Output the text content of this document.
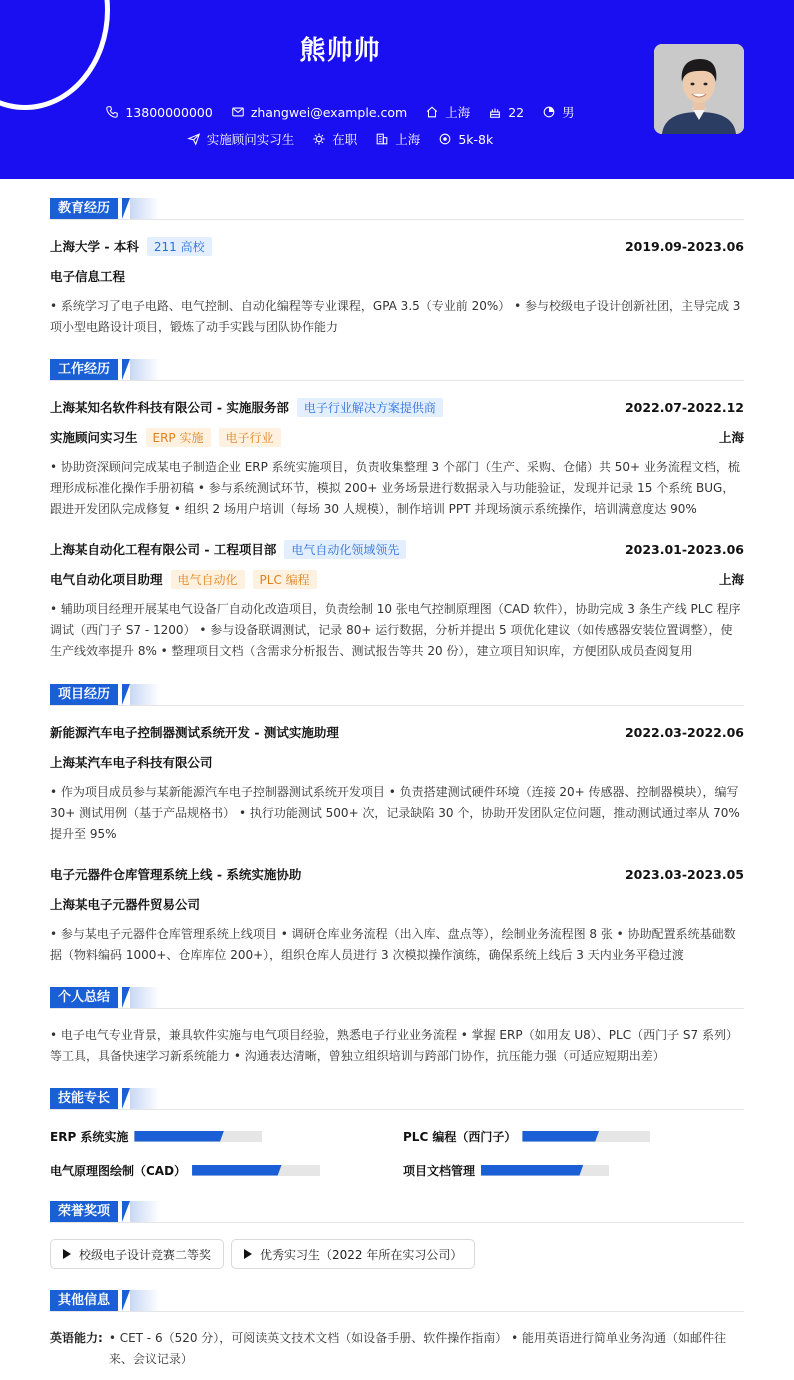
熊帅帅
13800000000	zhangwei@example.com	上海	22	男
实施顾问实习生	在职	上海	5k-8k
教育经历
上海大学 - 本科	211 高校	2019.09-2023.06
电子信息工程
• 系统学习了电子电路、电气控制、自动化编程等专业课程，GPA 3.5（专业前 20%） • 参与校级电子设计创新社团，主导完成 3 项小型电路设计项目，锻炼了动手实践与团队协作能力
工作经历
上海某知名软件科技有限公司 - 实施服务部	电子行业解决方案提供商	2022.07-2022.12
实施顾问实习生	ERP 实施	电子行业	上海
• 协助资深顾问完成某电子制造企业 ERP 系统实施项目，负责收集整理 3 个部门（生产、采购、仓储）共 50+ 业务流程文档，梳理形成标准化操作手册初稿 • 参与系统测试环节，模拟 200+ 业务场景进行数据录入与功能验证，发现并记录 15 个系统 BUG，跟进开发团队完成修复 • 组织 2 场用户培训（每场 30 人规模），制作培训 PPT 并现场演示系统操作，培训满意度达 90%
上海某自动化工程有限公司 - 工程项目部	电气自动化领域领先	2023.01-2023.06
电气自动化项目助理	电气自动化	PLC 编程	上海
• 辅助项目经理开展某电气设备厂自动化改造项目，负责绘制 10 张电气控制原理图（CAD 软件），协助完成 3 条生产线 PLC 程序调试（西门子 S7 - 1200） • 参与设备联调测试，记录 80+ 运行数据，分析并提出 5 项优化建议（如传感器安装位置调整），使生产线效率提升 8% • 整理项目文档（含需求分析报告、测试报告等共 20 份），建立项目知识库，方便团队成员查阅复用
项目经历
新能源汽车电子控制器测试系统开发 - 测试实施助理	2022.03-2022.06
上海某汽车电子科技有限公司
• 作为项目成员参与某新能源汽车电子控制器测试系统开发项目 • 负责搭建测试硬件环境（连接 20+ 传感器、控制器模块），编写 30+ 测试用例（基于产品规格书） • 执行功能测试 500+ 次，记录缺陷 30 个，协助开发团队定位问题，推动测试通过率从 70% 提升至 95%
电子元器件仓库管理系统上线 - 系统实施协助	2023.03-2023.05
上海某电子元器件贸易公司
• 参与某电子元器件仓库管理系统上线项目 • 调研仓库业务流程（出入库、盘点等），绘制业务流程图 8 张 • 协助配置系统基础数据（物料编码 1000+、仓库库位 200+），组织仓库人员进行 3 次模拟操作演练，确保系统上线后 3 天内业务平稳过渡
个人总结
• 电子电气专业背景，兼具软件实施与电气项目经验，熟悉电子行业业务流程 • 掌握 ERP（如用友 U8）、PLC（西门子 S7 系列）等工具，具备快速学习新系统能力 • 沟通表达清晰，曾独立组织培训与跨部门协作，抗压能力强（可适应短期出差）
技能专长
ERP 系统实施	PLC 编程（西门子）
电气原理图绘制（CAD）	项目文档管理
荣誉奖项
校级电子设计竞赛二等奖	优秀实习生（2022 年所在实习公司）
其他信息
英语能力: • CET - 6（520 分），可阅读英文技术文档（如设备手册、软件操作指南） • 能用英语进行简单业务沟通（如邮件往来、会议记录）
